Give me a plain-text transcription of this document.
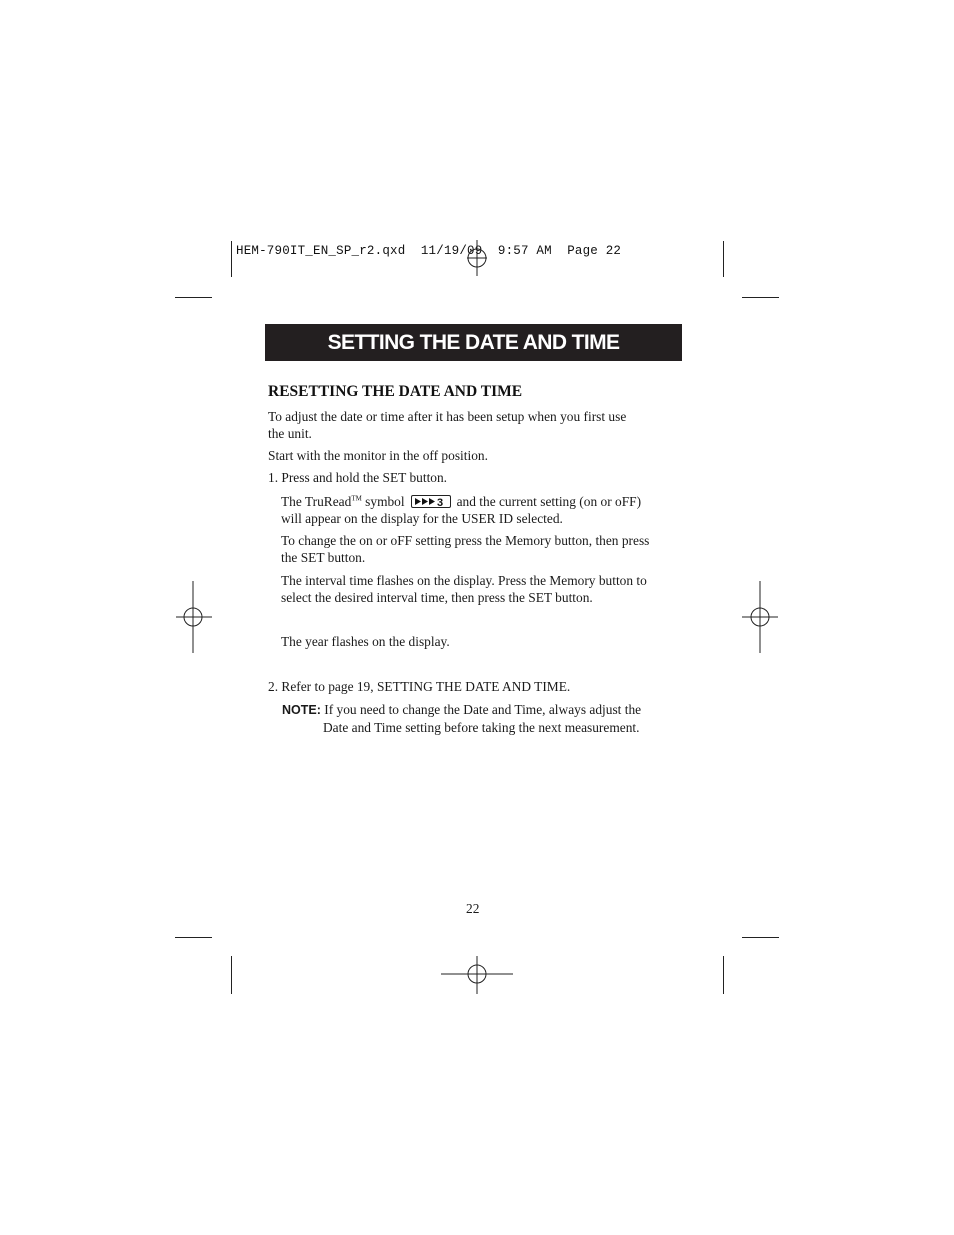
HEM-790IT_EN_SP_r2.qxd 11/19/09 9:57 AM Page 22
SETTING THE DATE AND TIME
RESETTING THE DATE AND TIME
To adjust the date or time after it has been setup when you first use
the unit.
Start with the monitor in the off position.
1. Press and hold the SET button.
The TruRead™ symbol	3 and the current setting (on or oFF)
will appear on the display for the USER ID selected.
To change the on or oFF setting press the Memory button, then press
the SET button.
The interval time flashes on the display. Press the Memory button to
select the desired interval time, then press the SET button.
The year flashes on the display.
2. Refer to page 19, SETTING THE DATE AND TIME.
NOTE: If you need to change the Date and Time, always adjust the
Date and Time setting before taking the next measurement.
22
